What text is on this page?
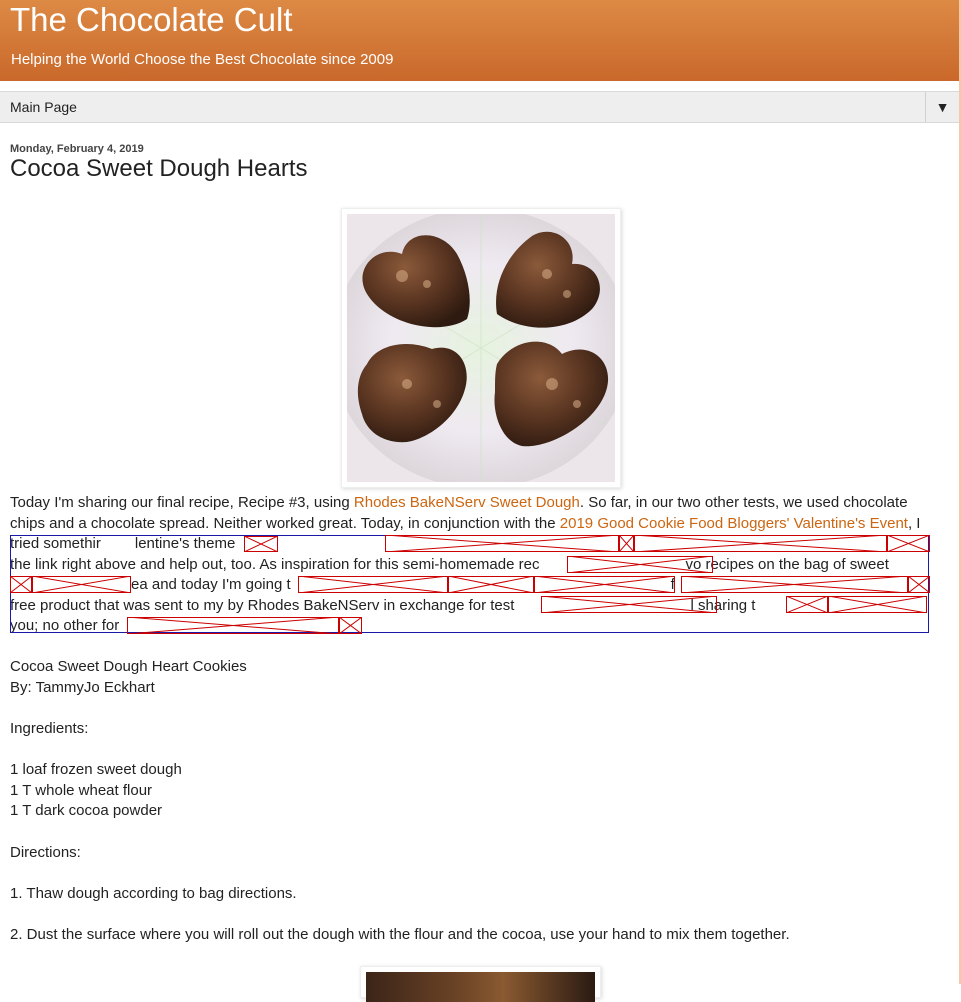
The Chocolate Cult
Helping the World Choose the Best Chocolate since 2009
Main Page	▼
Monday, February 4, 2019
Cocoa Sweet Dough Hearts
Today I'm sharing our final recipe, Recipe #3, using Rhodes BakeNServ Sweet Dough. So far, in our two other tests, we used chocolate chips and a chocolate spread. Neither worked great. Today, in conjunction with the 2019 Good Cookie Food Bloggers' Valentine's Event, I tried somethir lentine's theme
the link right above and help out, too. As inspiration for this semi-homemade rec	vo recipes on the bag of sweet
ea and today I'm going t	f
free product that was sent to my by Rhodes BakeNServ in exchange for test	l sharing t
you; no other for
Cocoa Sweet Dough Heart Cookies
By: TammyJo Eckhart
Ingredients:
1 loaf frozen sweet dough
1 T whole wheat flour
1 T dark cocoa powder
Directions:
1. Thaw dough according to bag directions.
2. Dust the surface where you will roll out the dough with the flour and the cocoa, use your hand to mix them together.
